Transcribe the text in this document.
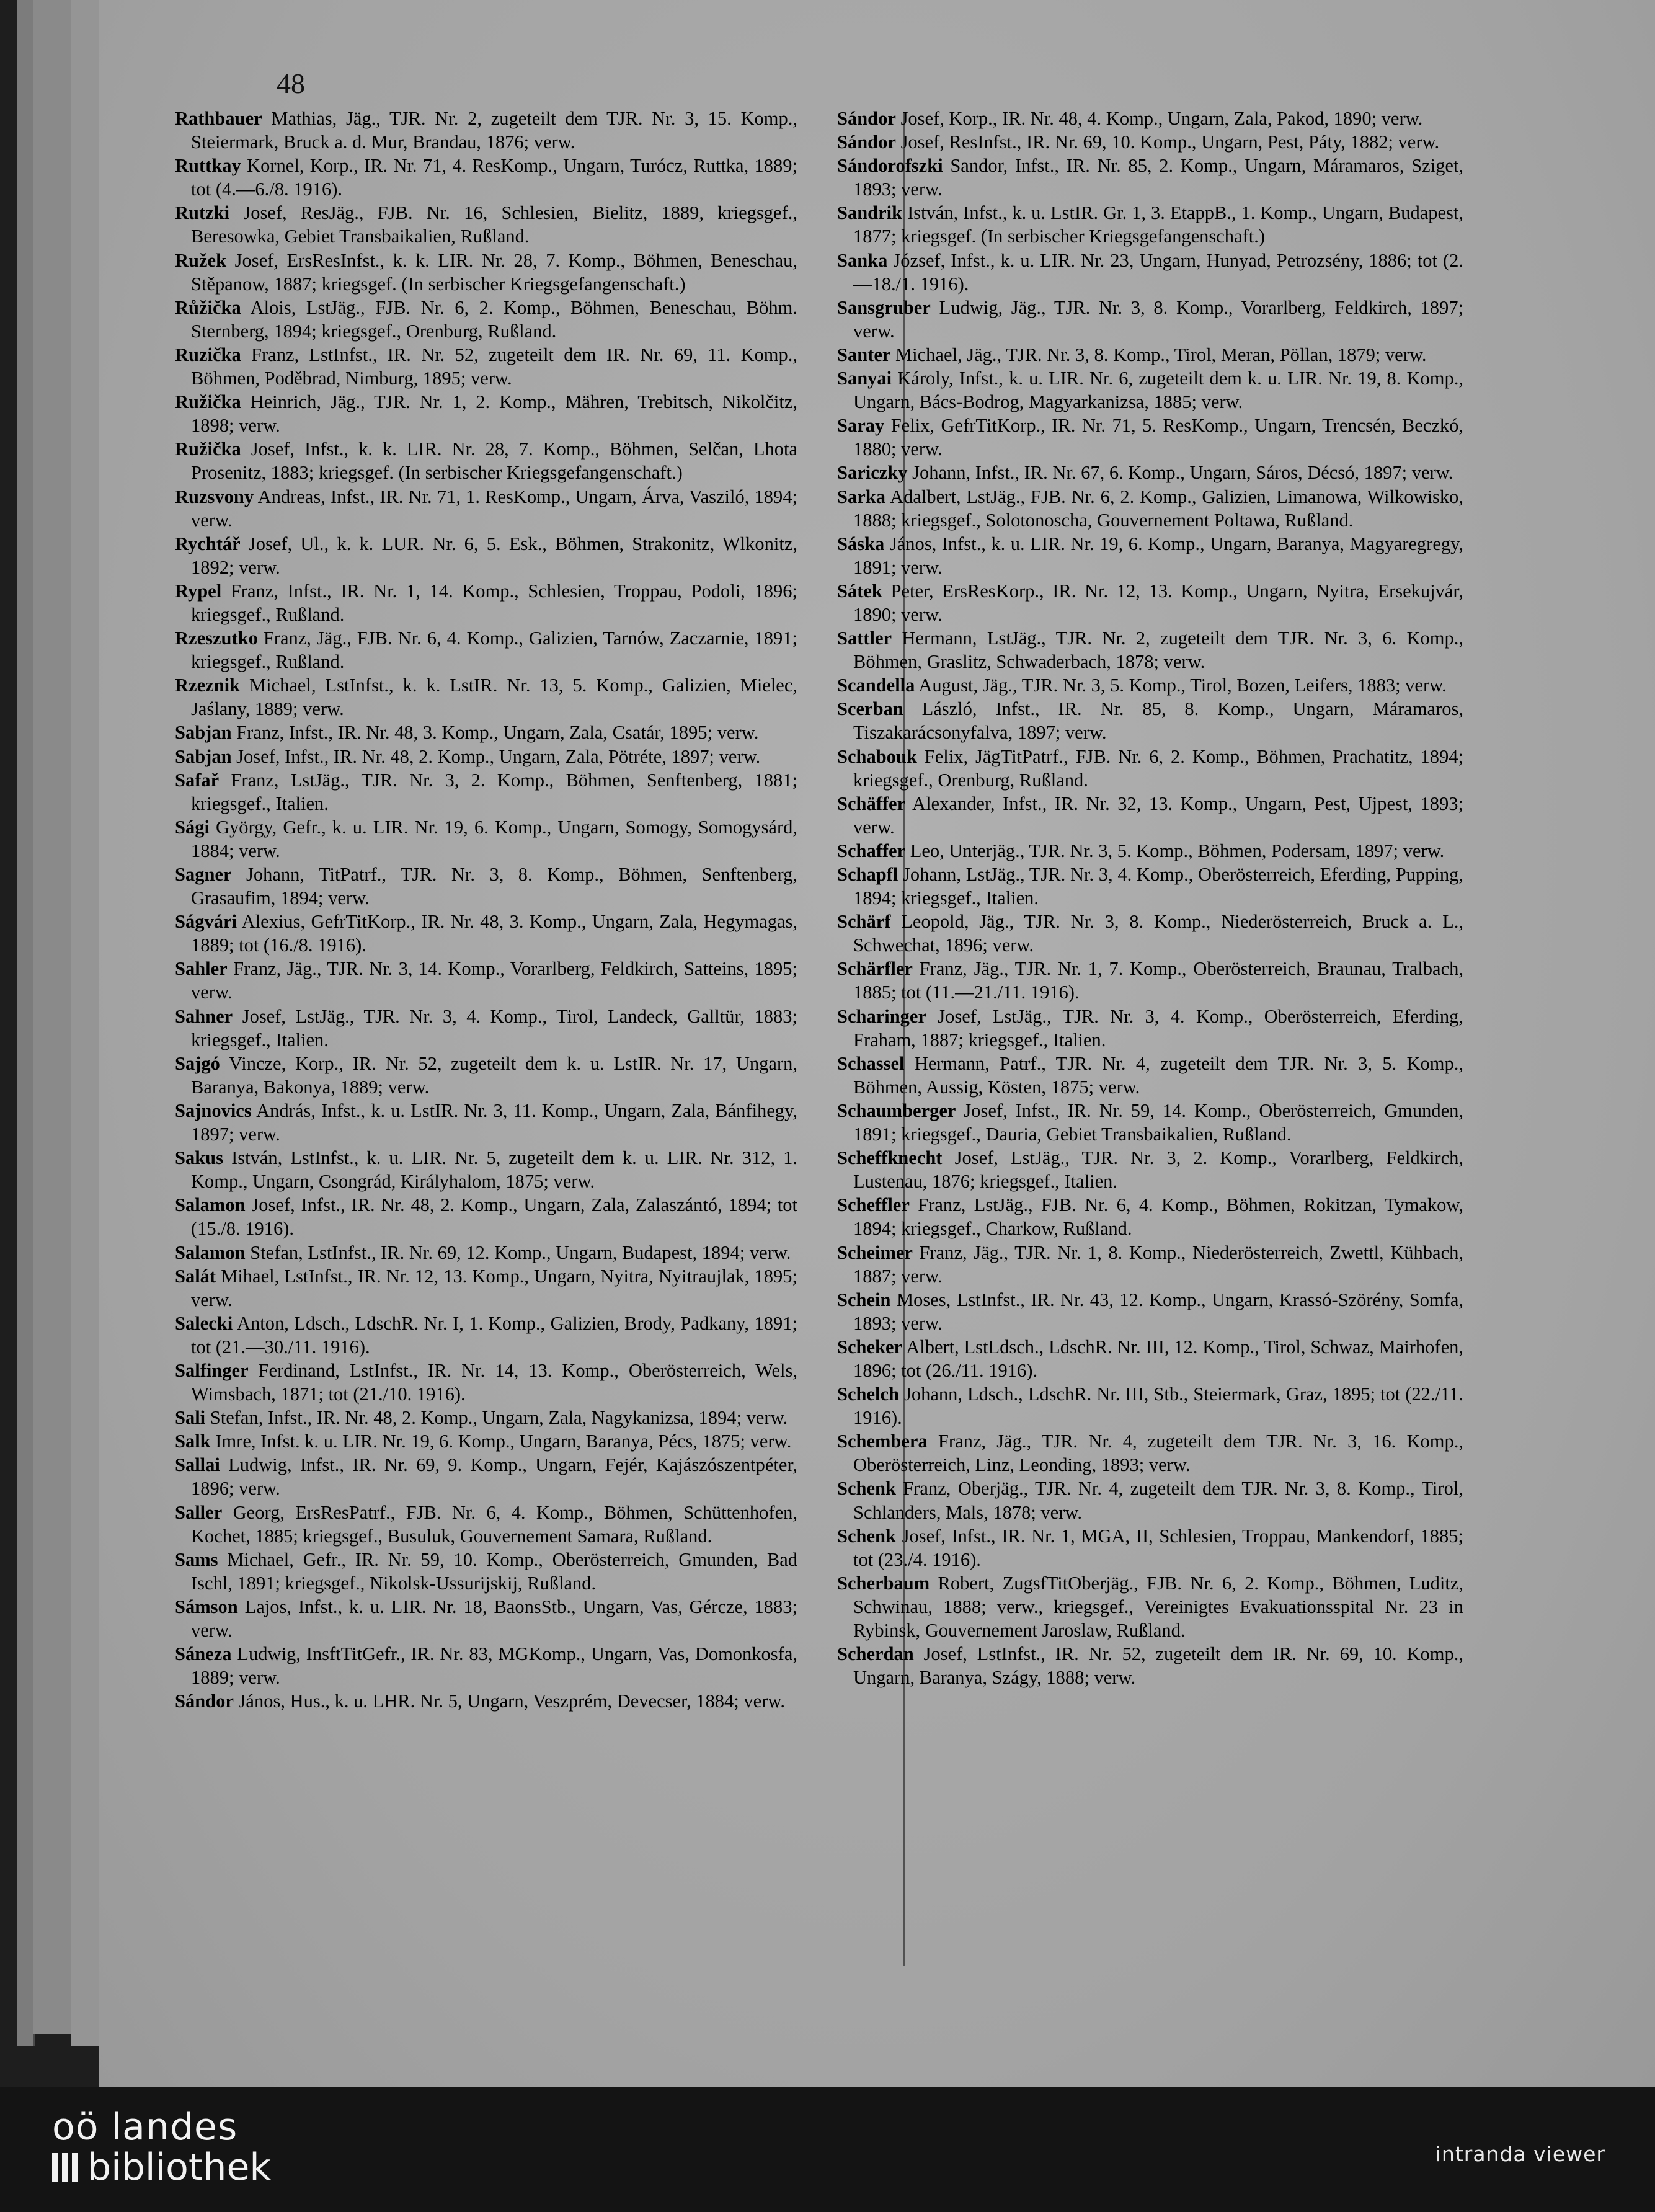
48

Rathbauer Mathias, Jäg., TJR. Nr. 2, zugeteilt dem TJR. Nr. 3, 15. Komp., Steiermark, Bruck a. d. Mur, Brandau, 1876; verw.

Ruttkay Kornel, Korp., IR. Nr. 71, 4. ResKomp., Ungarn, Turócz, Ruttka, 1889; tot (4.—6./8. 1916).

Rutzki Josef, ResJäg., FJB. Nr. 16, Schlesien, Bielitz, 1889, kriegsgef., Beresowka, Gebiet Transbaikalien, Rußland.

Ružek Josef, ErsResInfst., k. k. LIR. Nr. 28, 7. Komp., Böhmen, Beneschau, Stěpanow, 1887; kriegsgef. (In serbischer Kriegsgefangenschaft.)

Růžička Alois, LstJäg., FJB. Nr. 6, 2. Komp., Böhmen, Beneschau, Böhm. Sternberg, 1894; kriegsgef., Orenburg, Rußland.

Ruzička Franz, LstInfst., IR. Nr. 52, zugeteilt dem IR. Nr. 69, 11. Komp., Böhmen, Poděbrad, Nimburg, 1895; verw.

Ružička Heinrich, Jäg., TJR. Nr. 1, 2. Komp., Mähren, Trebitsch, Nikolčitz, 1898; verw.

Ružička Josef, Infst., k. k. LIR. Nr. 28, 7. Komp., Böhmen, Selčan, Lhota Prosenitz, 1883; kriegsgef. (In serbischer Kriegsgefangenschaft.)

Ruzsvony Andreas, Infst., IR. Nr. 71, 1. ResKomp., Ungarn, Árva, Vasziló, 1894; verw.

Rychtář Josef, Ul., k. k. LUR. Nr. 6, 5. Esk., Böhmen, Strakonitz, Wlkonitz, 1892; verw.

Rypel Franz, Infst., IR. Nr. 1, 14. Komp., Schlesien, Troppau, Podoli, 1896; kriegsgef., Rußland.

Rzeszutko Franz, Jäg., FJB. Nr. 6, 4. Komp., Galizien, Tarnów, Zaczarnie, 1891; kriegsgef., Rußland.

Rzeznik Michael, LstInfst., k. k. LstIR. Nr. 13, 5. Komp., Galizien, Mielec, Jaślany, 1889; verw.

Sabjan Franz, Infst., IR. Nr. 48, 3. Komp., Ungarn, Zala, Csatár, 1895; verw.

Sabjan Josef, Infst., IR. Nr. 48, 2. Komp., Ungarn, Zala, Pötréte, 1897; verw.

Safař Franz, LstJäg., TJR. Nr. 3, 2. Komp., Böhmen, Senftenberg, 1881; kriegsgef., Italien.

Sági György, Gefr., k. u. LIR. Nr. 19, 6. Komp., Ungarn, Somogy, Somogysárd, 1884; verw.

Sagner Johann, TitPatrf., TJR. Nr. 3, 8. Komp., Böhmen, Senftenberg, Grasaufim, 1894; verw.

Ságvári Alexius, GefrTitKorp., IR. Nr. 48, 3. Komp., Ungarn, Zala, Hegymagas, 1889; tot (16./8. 1916).

Sahler Franz, Jäg., TJR. Nr. 3, 14. Komp., Vorarlberg, Feldkirch, Satteins, 1895; verw.

Sahner Josef, LstJäg., TJR. Nr. 3, 4. Komp., Tirol, Landeck, Galltür, 1883; kriegsgef., Italien.

Sajgó Vincze, Korp., IR. Nr. 52, zugeteilt dem k. u. LstIR. Nr. 17, Ungarn, Baranya, Bakonya, 1889; verw.

Sajnovics András, Infst., k. u. LstIR. Nr. 3, 11. Komp., Ungarn, Zala, Bánfihegy, 1897; verw.

Sakus István, LstInfst., k. u. LIR. Nr. 5, zugeteilt dem k. u. LIR. Nr. 312, 1. Komp., Ungarn, Csongrád, Királyhalom, 1875; verw.

Salamon Josef, Infst., IR. Nr. 48, 2. Komp., Ungarn, Zala, Zalaszántó, 1894; tot (15./8. 1916).

Salamon Stefan, LstInfst., IR. Nr. 69, 12. Komp., Ungarn, Budapest, 1894; verw.

Salát Mihael, LstInfst., IR. Nr. 12, 13. Komp., Ungarn, Nyitra, Nyitraujlak, 1895; verw.

Salecki Anton, Ldsch., LdschR. Nr. I, 1. Komp., Galizien, Brody, Padkany, 1891; tot (21.—30./11. 1916).

Salfinger Ferdinand, LstInfst., IR. Nr. 14, 13. Komp., Oberösterreich, Wels, Wimsbach, 1871; tot (21./10. 1916).

Sali Stefan, Infst., IR. Nr. 48, 2. Komp., Ungarn, Zala, Nagykanizsa, 1894; verw.

Salk Imre, Infst. k. u. LIR. Nr. 19, 6. Komp., Ungarn, Baranya, Pécs, 1875; verw.

Sallai Ludwig, Infst., IR. Nr. 69, 9. Komp., Ungarn, Fejér, Kajászószentpéter, 1896; verw.

Saller Georg, ErsResPatrf., FJB. Nr. 6, 4. Komp., Böhmen, Schüttenhofen, Kochet, 1885; kriegsgef., Busuluk, Gouvernement Samara, Rußland.

Sams Michael, Gefr., IR. Nr. 59, 10. Komp., Oberösterreich, Gmunden, Bad Ischl, 1891; kriegsgef., Nikolsk-Ussurijskij, Rußland.

Sámson Lajos, Infst., k. u. LIR. Nr. 18, BaonsStb., Ungarn, Vas, Gércze, 1883; verw.

Sáneza Ludwig, InsftTitGefr., IR. Nr. 83, MGKomp., Ungarn, Vas, Domonkosfa, 1889; verw.

Sándor János, Hus., k. u. LHR. Nr. 5, Ungarn, Veszprém, Devecser, 1884; verw.

Sándor Josef, Korp., IR. Nr. 48, 4. Komp., Ungarn, Zala, Pakod, 1890; verw.

Sándor Josef, ResInfst., IR. Nr. 69, 10. Komp., Ungarn, Pest, Páty, 1882; verw.

Sándorofszki Sandor, Infst., IR. Nr. 85, 2. Komp., Ungarn, Máramaros, Sziget, 1893; verw.

Sandrik István, Infst., k. u. LstIR. Gr. 1, 3. EtappB., 1. Komp., Ungarn, Budapest, 1877; kriegsgef. (In serbischer Kriegsgefangenschaft.)

Sanka József, Infst., k. u. LIR. Nr. 23, Ungarn, Hunyad, Petrozsény, 1886; tot (2.—18./1. 1916).

Sansgruber Ludwig, Jäg., TJR. Nr. 3, 8. Komp., Vorarlberg, Feldkirch, 1897; verw.

Santer Michael, Jäg., TJR. Nr. 3, 8. Komp., Tirol, Meran, Pöllan, 1879; verw.

Sanyai Károly, Infst., k. u. LIR. Nr. 6, zugeteilt dem k. u. LIR. Nr. 19, 8. Komp., Ungarn, Bács-Bodrog, Magyarkanizsa, 1885; verw.

Saray Felix, GefrTitKorp., IR. Nr. 71, 5. ResKomp., Ungarn, Trencsén, Beczkó, 1880; verw.

Sariczky Johann, Infst., IR. Nr. 67, 6. Komp., Ungarn, Sáros, Décsó, 1897; verw.

Sarka Adalbert, LstJäg., FJB. Nr. 6, 2. Komp., Galizien, Limanowa, Wilkowisko, 1888; kriegsgef., Solotonoscha, Gouvernement Poltawa, Rußland.

Sáska János, Infst., k. u. LIR. Nr. 19, 6. Komp., Ungarn, Baranya, Magyaregregy, 1891; verw.

Sátek Peter, ErsResKorp., IR. Nr. 12, 13. Komp., Ungarn, Nyitra, Ersekujvár, 1890; verw.

Sattler Hermann, LstJäg., TJR. Nr. 2, zugeteilt dem TJR. Nr. 3, 6. Komp., Böhmen, Graslitz, Schwaderbach, 1878; verw.

Scandella August, Jäg., TJR. Nr. 3, 5. Komp., Tirol, Bozen, Leifers, 1883; verw.

Scerban László, Infst., IR. Nr. 85, 8. Komp., Ungarn, Máramaros, Tiszakarácsonyfalva, 1897; verw.

Schabouk Felix, JägTitPatrf., FJB. Nr. 6, 2. Komp., Böhmen, Prachatitz, 1894; kriegsgef., Orenburg, Rußland.

Schäffer Alexander, Infst., IR. Nr. 32, 13. Komp., Ungarn, Pest, Ujpest, 1893; verw.

Schaffer Leo, Unterjäg., TJR. Nr. 3, 5. Komp., Böhmen, Podersam, 1897; verw.

Schapfl Johann, LstJäg., TJR. Nr. 3, 4. Komp., Oberösterreich, Eferding, Pupping, 1894; kriegsgef., Italien.

Schärf Leopold, Jäg., TJR. Nr. 3, 8. Komp., Niederösterreich, Bruck a. L., Schwechat, 1896; verw.

Schärfler Franz, Jäg., TJR. Nr. 1, 7. Komp., Oberösterreich, Braunau, Tralbach, 1885; tot (11.—21./11. 1916).

Scharinger Josef, LstJäg., TJR. Nr. 3, 4. Komp., Oberösterreich, Eferding, Fraham, 1887; kriegsgef., Italien.

Schassel Hermann, Patrf., TJR. Nr. 4, zugeteilt dem TJR. Nr. 3, 5. Komp., Böhmen, Aussig, Kösten, 1875; verw.

Schaumberger Josef, Infst., IR. Nr. 59, 14. Komp., Oberösterreich, Gmunden, 1891; kriegsgef., Dauria, Gebiet Transbaikalien, Rußland.

Scheffknecht Josef, LstJäg., TJR. Nr. 3, 2. Komp., Vorarlberg, Feldkirch, Lustenau, 1876; kriegsgef., Italien.

Scheffler Franz, LstJäg., FJB. Nr. 6, 4. Komp., Böhmen, Rokitzan, Tymakow, 1894; kriegsgef., Charkow, Rußland.

Scheimer Franz, Jäg., TJR. Nr. 1, 8. Komp., Niederösterreich, Zwettl, Kühbach, 1887; verw.

Schein Moses, LstInfst., IR. Nr. 43, 12. Komp., Ungarn, Krassó-Szörény, Somfa, 1893; verw.

Scheker Albert, LstLdsch., LdschR. Nr. III, 12. Komp., Tirol, Schwaz, Mairhofen, 1896; tot (26./11. 1916).

Schelch Johann, Ldsch., LdschR. Nr. III, Stb., Steiermark, Graz, 1895; tot (22./11. 1916).

Schembera Franz, Jäg., TJR. Nr. 4, zugeteilt dem TJR. Nr. 3, 16. Komp., Oberösterreich, Linz, Leonding, 1893; verw.

Schenk Franz, Oberjäg., TJR. Nr. 4, zugeteilt dem TJR. Nr. 3, 8. Komp., Tirol, Schlanders, Mals, 1878; verw.

Schenk Josef, Infst., IR. Nr. 1, MGA, II, Schlesien, Troppau, Mankendorf, 1885; tot (23./4. 1916).

Scherbaum Robert, ZugsfTitOberjäg., FJB. Nr. 6, 2. Komp., Böhmen, Luditz, Schwinau, 1888; verw., kriegsgef., Vereinigtes Evakuationsspital Nr. 23 in Rybinsk, Gouvernement Jaroslaw, Rußland.

Scherdan Josef, LstInfst., IR. Nr. 52, zugeteilt dem IR. Nr. 69, 10. Komp., Ungarn, Baranya, Szágy, 1888; verw.

oö landes
bibliothek	intranda viewer
